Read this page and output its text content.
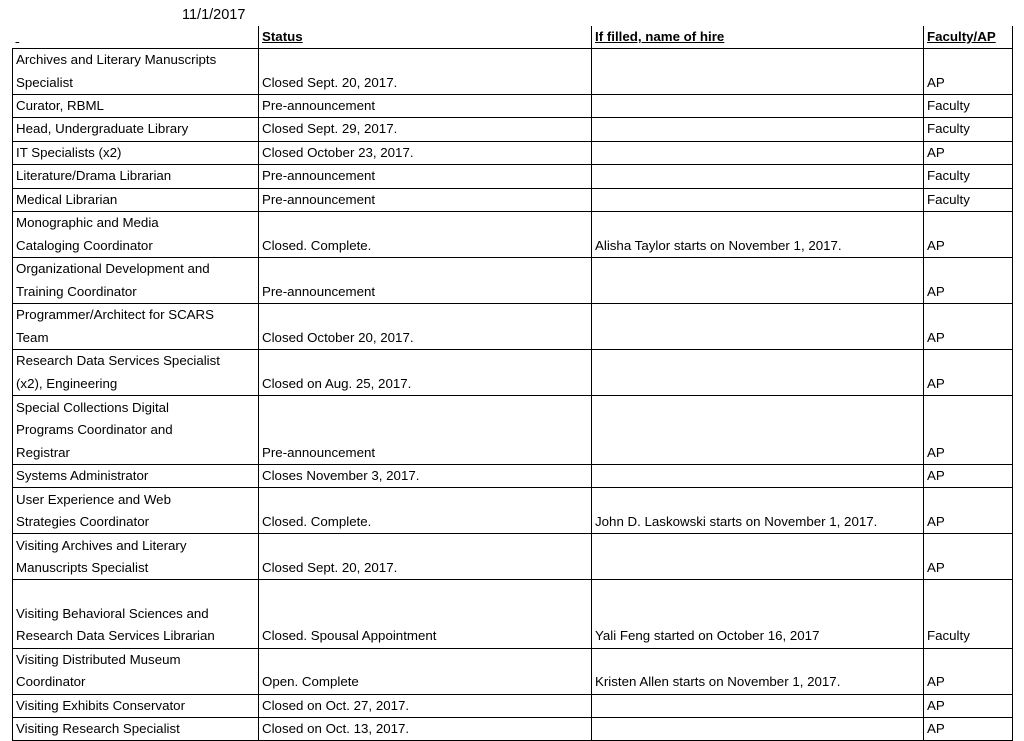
11/1/2017
	Status	If filled, name of hire	Faculty/AP

Archives and Literary Manuscripts
Specialist	Closed Sept. 20, 2017.		AP
Curator, RBML	Pre-announcement		Faculty
Head, Undergraduate Library	Closed Sept. 29, 2017.		Faculty
IT Specialists (x2)	Closed October 23, 2017.		AP
Literature/Drama Librarian	Pre-announcement		Faculty
Medical Librarian	Pre-announcement		Faculty

Monographic and Media
Cataloging Coordinator	Closed. Complete.	Alisha Taylor starts on November 1, 2017.	AP

Organizational Development and
Training Coordinator	Pre-announcement		AP

Programmer/Architect for SCARS
Team	Closed October 20, 2017.		AP

Research Data Services Specialist
(x2), Engineering	Closed on Aug. 25, 2017.		AP

Special Collections Digital
Programs Coordinator and
Registrar	Pre-announcement		AP
Systems Administrator	Closes November 3, 2017.		AP

User Experience and Web
Strategies Coordinator	Closed. Complete.	John D. Laskowski starts on November 1, 2017.	AP

Visiting Archives and Literary
Manuscripts Specialist	Closed Sept. 20, 2017.		AP

Visiting Behavioral Sciences and
Research Data Services Librarian	Closed. Spousal Appointment	Yali Feng started on October 16, 2017	Faculty

Visiting Distributed Museum
Coordinator	Open. Complete	Kristen Allen starts on November 1, 2017.	AP
Visiting Exhibits Conservator	Closed on Oct. 27, 2017.		AP
Visiting Research Specialist	Closed on Oct. 13, 2017.		AP
